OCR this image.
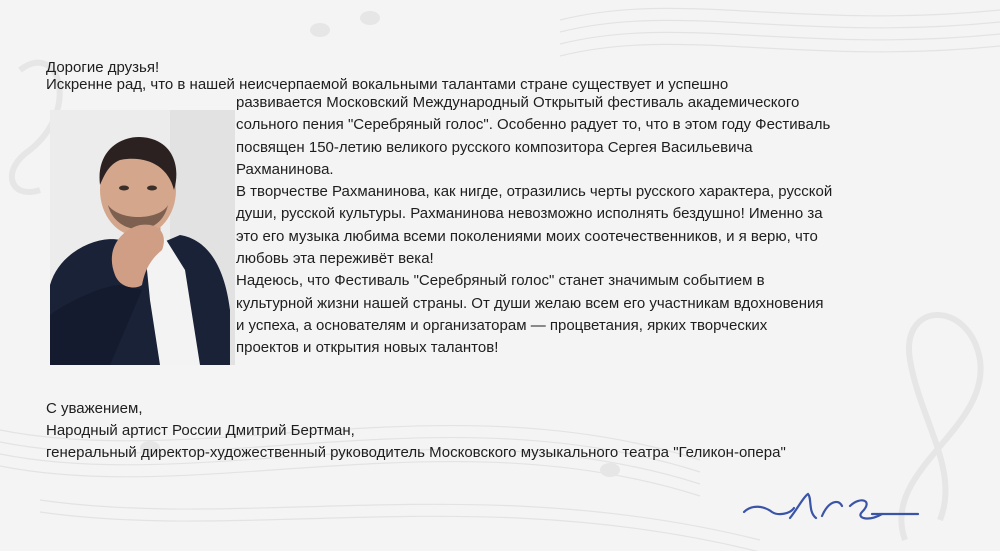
Дорогие друзья!
Искренне рад, что в нашей неисчерпаемой вокальными талантами стране существует и успешно
развивается Московский Международный Открытый фестиваль академического
сольного пения "Серебряный голос". Особенно радует то, что в этом году Фестиваль
посвящен 150-летию великого русского композитора Сергея Васильевича
Рахманинова.
В творчестве Рахманинова, как нигде, отразились черты русского характера, русской
души, русской культуры. Рахманинова невозможно исполнять бездушно! Именно за
это его музыка любима всеми поколениями моих соотечественников, и я верю, что
любовь эта переживёт века!
Надеюсь, что Фестиваль "Серебряный голос" станет значимым событием в
культурной жизни нашей страны. От души желаю всем его участникам вдохновения
и успеха, а основателям и организаторам — процветания, ярких творческих
проектов и открытия новых талантов!
С уважением,
Народный артист России Дмитрий Бертман,
генеральный директор-художественный руководитель Московского музыкального театра "Геликон-опера"
